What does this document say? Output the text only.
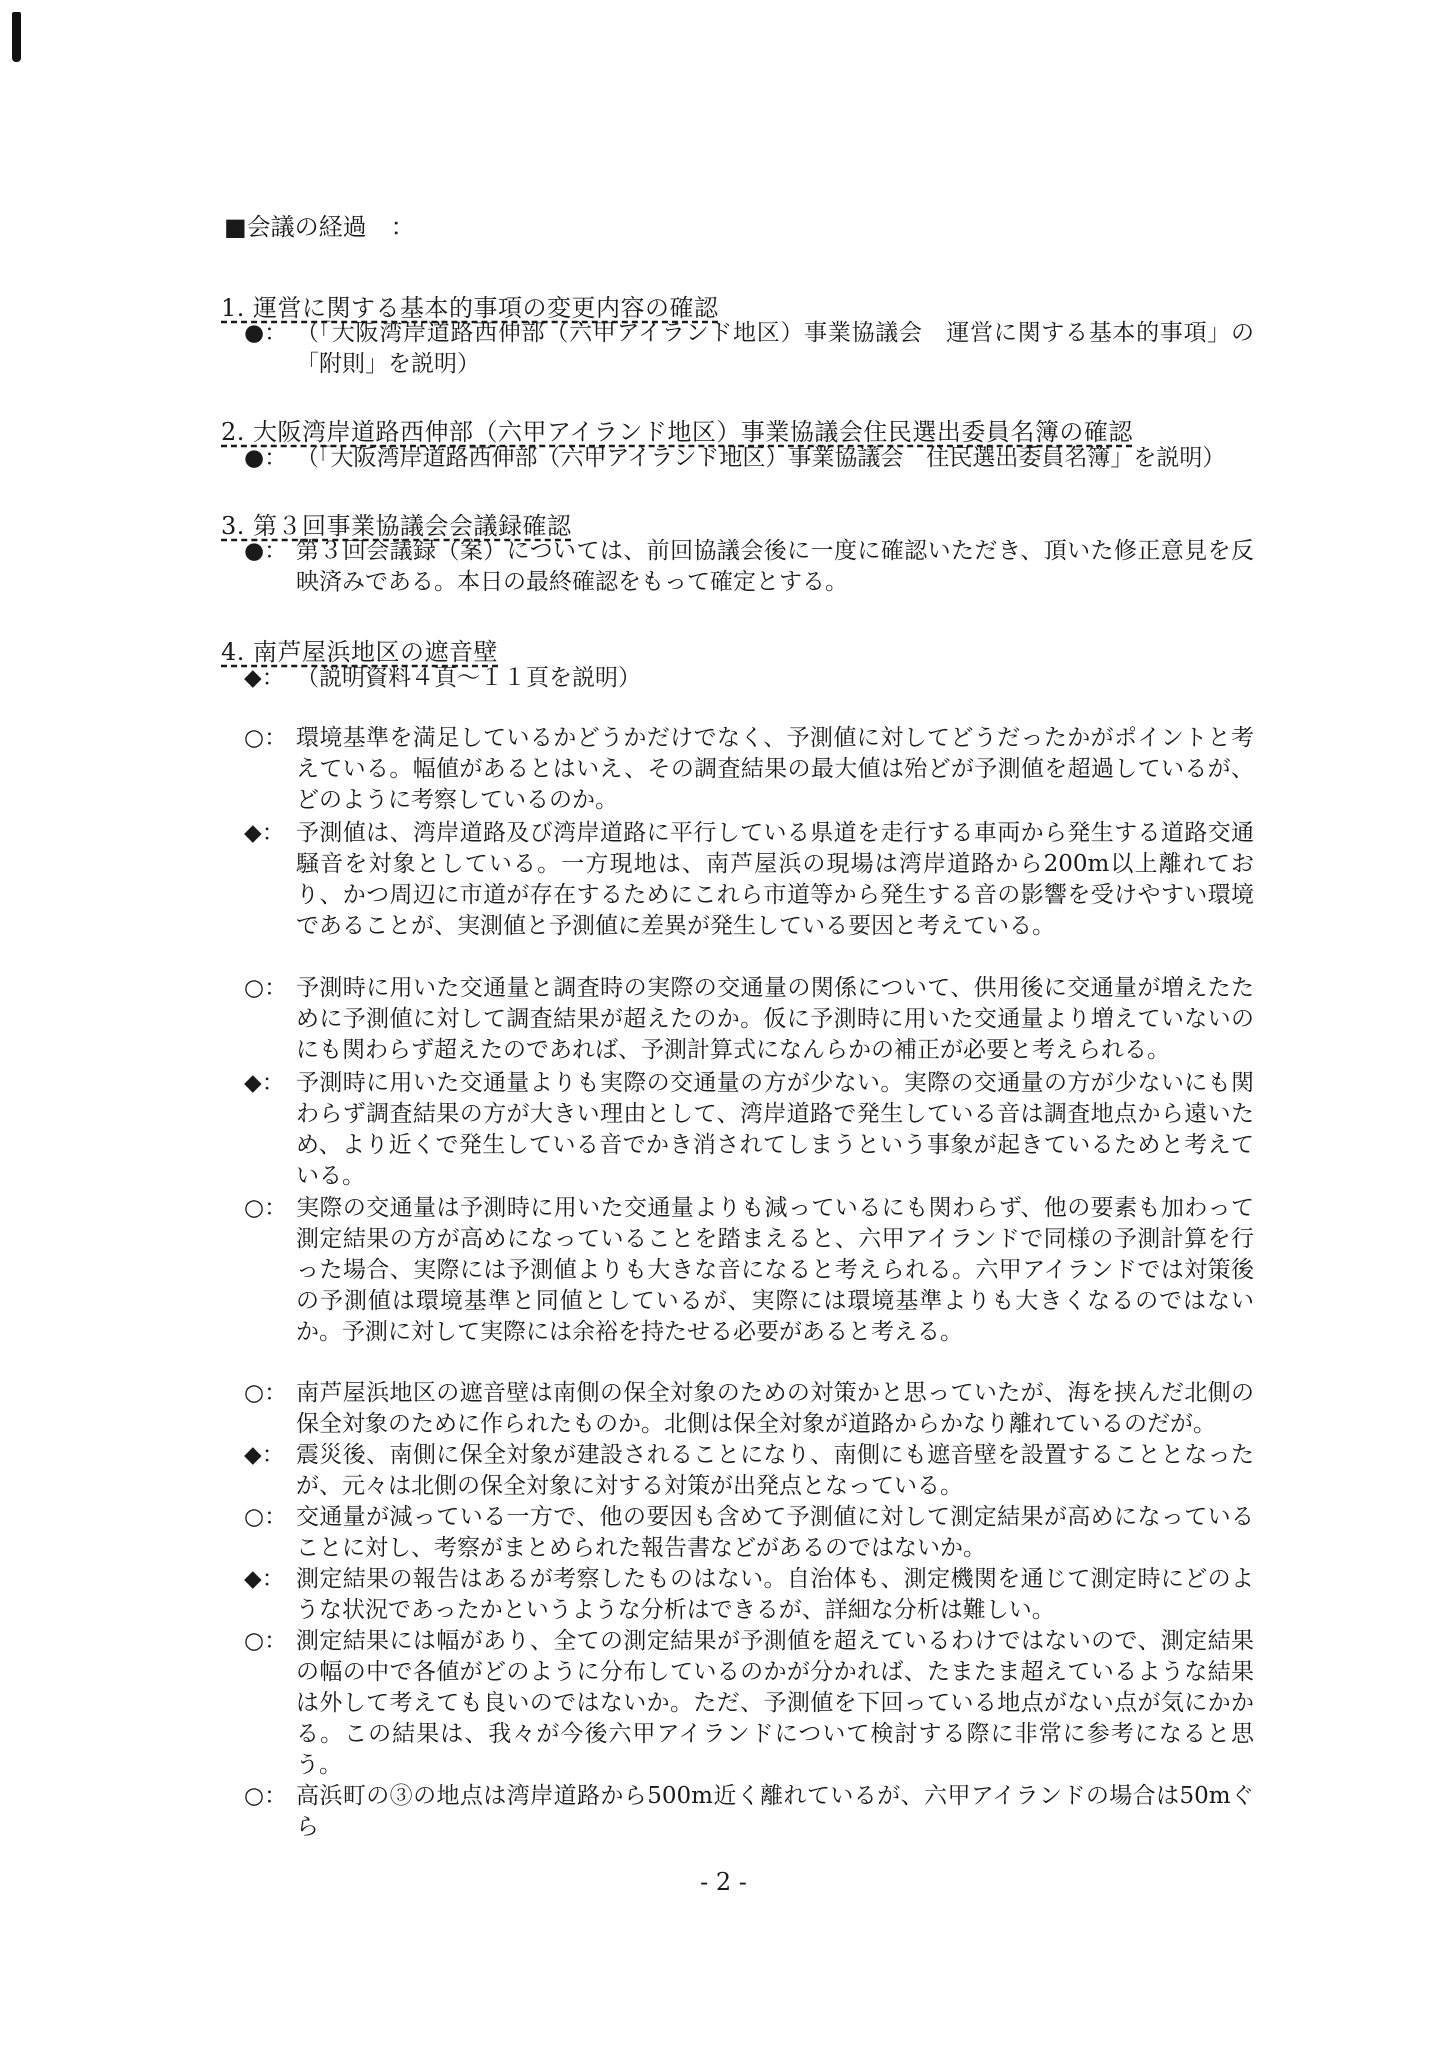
■会議の経過　：
1. 運営に関する基本的事項の変更内容の確認
●： （「大阪湾岸道路西伸部（六甲アイランド地区）事業協議会　運営に関する基本的事項」の「附則」を説明）
2. 大阪湾岸道路西伸部（六甲アイランド地区）事業協議会住民選出委員名簿の確認
●： （「大阪湾岸道路西伸部（六甲アイランド地区）事業協議会　住民選出委員名簿」を説明）
3. 第３回事業協議会会議録確認
●： 第３回会議録（案）については、前回協議会後に一度に確認いただき、頂いた修正意見を反映済みである。本日の最終確認をもって確定とする。
4. 南芦屋浜地区の遮音壁
◆： （説明資料４頁～１１頁を説明）
○： 環境基準を満足しているかどうかだけでなく、予測値に対してどうだったかがポイントと考えている。幅値があるとはいえ、その調査結果の最大値は殆どが予測値を超過しているが、どのように考察しているのか。
◆： 予測値は、湾岸道路及び湾岸道路に平行している県道を走行する車両から発生する道路交通騒音を対象としている。一方現地は、南芦屋浜の現場は湾岸道路から200m以上離れており、かつ周辺に市道が存在するためにこれら市道等から発生する音の影響を受けやすい環境であることが、実測値と予測値に差異が発生している要因と考えている。
○： 予測時に用いた交通量と調査時の実際の交通量の関係について、供用後に交通量が増えたために予測値に対して調査結果が超えたのか。仮に予測時に用いた交通量より増えていないのにも関わらず超えたのであれば、予測計算式になんらかの補正が必要と考えられる。
◆： 予測時に用いた交通量よりも実際の交通量の方が少ない。実際の交通量の方が少ないにも関わらず調査結果の方が大きい理由として、湾岸道路で発生している音は調査地点から遠いため、より近くで発生している音でかき消されてしまうという事象が起きているためと考えている。
○： 実際の交通量は予測時に用いた交通量よりも減っているにも関わらず、他の要素も加わって測定結果の方が高めになっていることを踏まえると、六甲アイランドで同様の予測計算を行った場合、実際には予測値よりも大きな音になると考えられる。六甲アイランドでは対策後の予測値は環境基準と同値としているが、実際には環境基準よりも大きくなるのではないか。予測に対して実際には余裕を持たせる必要があると考える。
○： 南芦屋浜地区の遮音壁は南側の保全対象のための対策かと思っていたが、海を挟んだ北側の保全対象のために作られたものか。北側は保全対象が道路からかなり離れているのだが。
◆： 震災後、南側に保全対象が建設されることになり、南側にも遮音壁を設置することとなったが、元々は北側の保全対象に対する対策が出発点となっている。
○： 交通量が減っている一方で、他の要因も含めて予測値に対して測定結果が高めになっていることに対し、考察がまとめられた報告書などがあるのではないか。
◆： 測定結果の報告はあるが考察したものはない。自治体も、測定機関を通じて測定時にどのような状況であったかというような分析はできるが、詳細な分析は難しい。
○： 測定結果には幅があり、全ての測定結果が予測値を超えているわけではないので、測定結果の幅の中で各値がどのように分布しているのかが分かれば、たまたま超えているような結果は外して考えても良いのではないか。ただ、予測値を下回っている地点がない点が気にかかる。この結果は、我々が今後六甲アイランドについて検討する際に非常に参考になると思う。
○： 高浜町の③の地点は湾岸道路から500m近く離れているが、六甲アイランドの場合は50mぐら
- 2 -
